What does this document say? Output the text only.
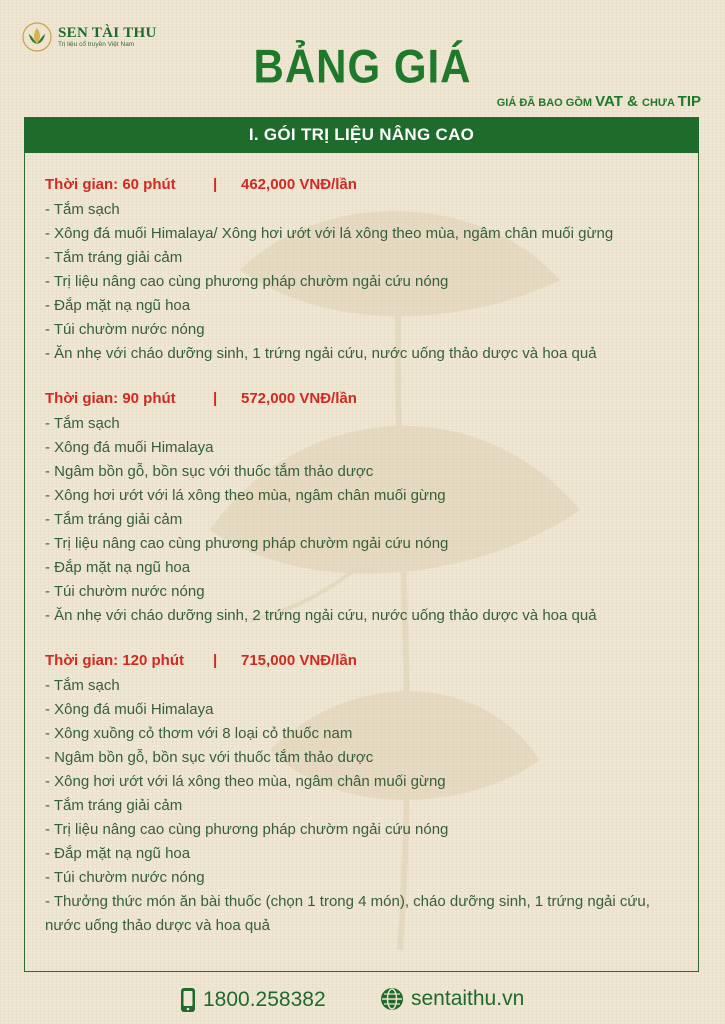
SEN TÀI THU
Trị liệu cổ truyền Việt Nam	BẢNG GIÁ
GIÁ ĐÃ BAO GỒM VAT & CHƯA TIP
I. GÓI TRỊ LIỆU NÂNG CAO
Thời gian: 60 phút	|	462,000 VNĐ/lần
- Tắm sạch
- Xông đá muối Himalaya/ Xông hơi ướt với lá xông theo mùa, ngâm chân muối gừng
- Tắm tráng giải cảm
- Trị liệu nâng cao cùng phương pháp chườm ngải cứu nóng
- Đắp mặt nạ ngũ hoa
- Túi chườm nước nóng
- Ăn nhẹ với cháo dưỡng sinh, 1 trứng ngải cứu, nước uống thảo dược và hoa quả
Thời gian: 90 phút	|	572,000 VNĐ/lần
- Tắm sạch
- Xông đá muối Himalaya
- Ngâm bồn gỗ, bồn sục với thuốc tắm thảo dược
- Xông hơi ướt với lá xông theo mùa, ngâm chân muối gừng
- Tắm tráng giải cảm
- Trị liệu nâng cao cùng phương pháp chườm ngải cứu nóng
- Đắp mặt nạ ngũ hoa
- Túi chườm nước nóng
- Ăn nhẹ với cháo dưỡng sinh, 2 trứng ngải cứu, nước uống thảo dược và hoa quả
Thời gian: 120 phút	|	715,000 VNĐ/lần
- Tắm sạch
- Xông đá muối Himalaya
- Xông xuồng cỏ thơm với 8 loại cỏ thuốc nam
- Ngâm bồn gỗ, bồn sục với thuốc tắm thảo dược
- Xông hơi ướt với lá xông theo mùa, ngâm chân muối gừng
- Tắm tráng giải cảm
- Trị liệu nâng cao cùng phương pháp chườm ngải cứu nóng
- Đắp mặt nạ ngũ hoa
- Túi chườm nước nóng
- Thưởng thức món ăn bài thuốc (chọn 1 trong 4 món), cháo dưỡng sinh, 1 trứng ngải cứu, nước uống thảo dược và hoa quả
1800.258382	sentaithu.vn
